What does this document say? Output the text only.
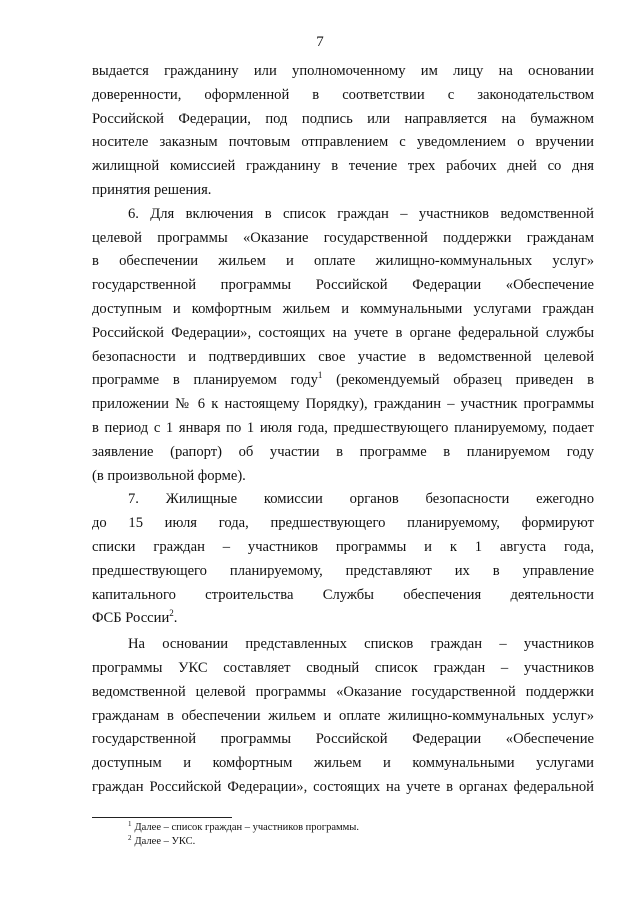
7
выдается гражданину или уполномоченному им лицу на основании
доверенности, оформленной в соответствии с законодательством
Российской Федерации, под подпись или направляется на бумажном
носителе заказным почтовым отправлением с уведомлением о вручении
жилищной комиссией гражданину в течение трех рабочих дней со дня
принятия решения.
6. Для включения в список граждан – участников ведомственной
целевой программы «Оказание государственной поддержки гражданам
в обеспечении жильем и оплате жилищно-коммунальных услуг»
государственной программы Российской Федерации «Обеспечение
доступным и комфортным жильем и коммунальными услугами граждан
Российской Федерации», состоящих на учете в органе федеральной службы
безопасности и подтвердивших свое участие в ведомственной целевой
программе в планируемом году$^1$ (рекомендуемый образец приведен в
приложении № 6 к настоящему Порядку), гражданин – участник программы
в период с 1 января по 1 июля года, предшествующего планируемому, подает
заявление (рапорт) об участии в программе в планируемом году
(в произвольной форме).
7. Жилищные комиссии органов безопасности ежегодно
до 15 июля года, предшествующего планируемому, формируют
списки граждан – участников программы и к 1 августа года,
предшествующего планируемому, представляют их в управление
капитального строительства Службы обеспечения деятельности
ФСБ России$^2$.
На основании представленных списков граждан – участников
программы УКС составляет сводный список граждан – участников
ведомственной целевой программы «Оказание государственной поддержки
гражданам в обеспечении жильем и оплате жилищно-коммунальных услуг»
государственной программы Российской Федерации «Обеспечение
доступным и комфортным жильем и коммунальными услугами
граждан Российской Федерации», состоящих на учете в органах федеральной
$^1$ Далее – список граждан – участников программы.
$^2$ Далее – УКС.
